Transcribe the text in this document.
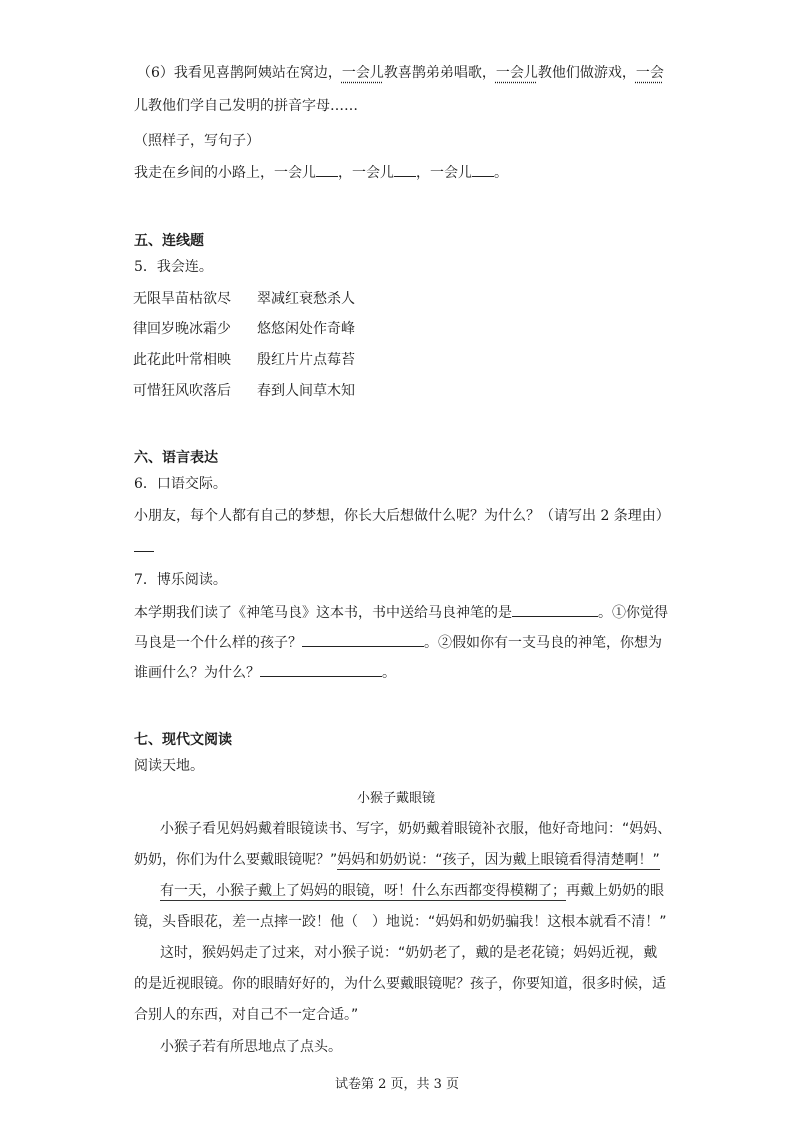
（6）我看见喜鹊阿姨站在窝边，一会儿教喜鹊弟弟唱歌，一会儿教他们做游戏，一会
儿教他们学自己发明的拼音字母……
（照样子，写句子）
我走在乡间的小路上，一会儿 ，一会儿 ，一会儿 。
五、连线题
5．我会连。
无限旱苗枯欲尽 翠减红衰愁杀人
律回岁晚冰霜少 悠悠闲处作奇峰
此花此叶常相映 殷红片片点莓苔
可惜狂风吹落后 春到人间草木知
六、语言表达
6．口语交际。
小朋友，每个人都有自己的梦想，你长大后想做什么呢？为什么？（请写出 2 条理由）
7．博乐阅读。
本学期我们读了《神笔马良》这本书，书中送给马良神笔的是	。①你觉得
马良是一个什么样的孩子？	。②假如你有一支马良的神笔，你想为
谁画什么？为什么？	。
七、现代文阅读
阅读天地。
小猴子戴眼镜
小猴子看见妈妈戴着眼镜读书、写字，奶奶戴着眼镜补衣服，他好奇地问：“妈妈、
奶奶，你们为什么要戴眼镜呢？”妈妈和奶奶说：“孩子，因为戴上眼镜看得清楚啊！”
有一天，小猴子戴上了妈妈的眼镜，呀！什么东西都变得模糊了；再戴上奶奶的眼
镜，头昏眼花，差一点摔一跤！他（　）地说：“妈妈和奶奶骗我！这根本就看不清！”
这时，猴妈妈走了过来，对小猴子说：“奶奶老了，戴的是老花镜；妈妈近视，戴
的是近视眼镜。你的眼睛好好的，为什么要戴眼镜呢？孩子，你要知道，很多时候，适
合别人的东西，对自己不一定合适。”
小猴子若有所思地点了点头。
试卷第 2 页，共 3 页
